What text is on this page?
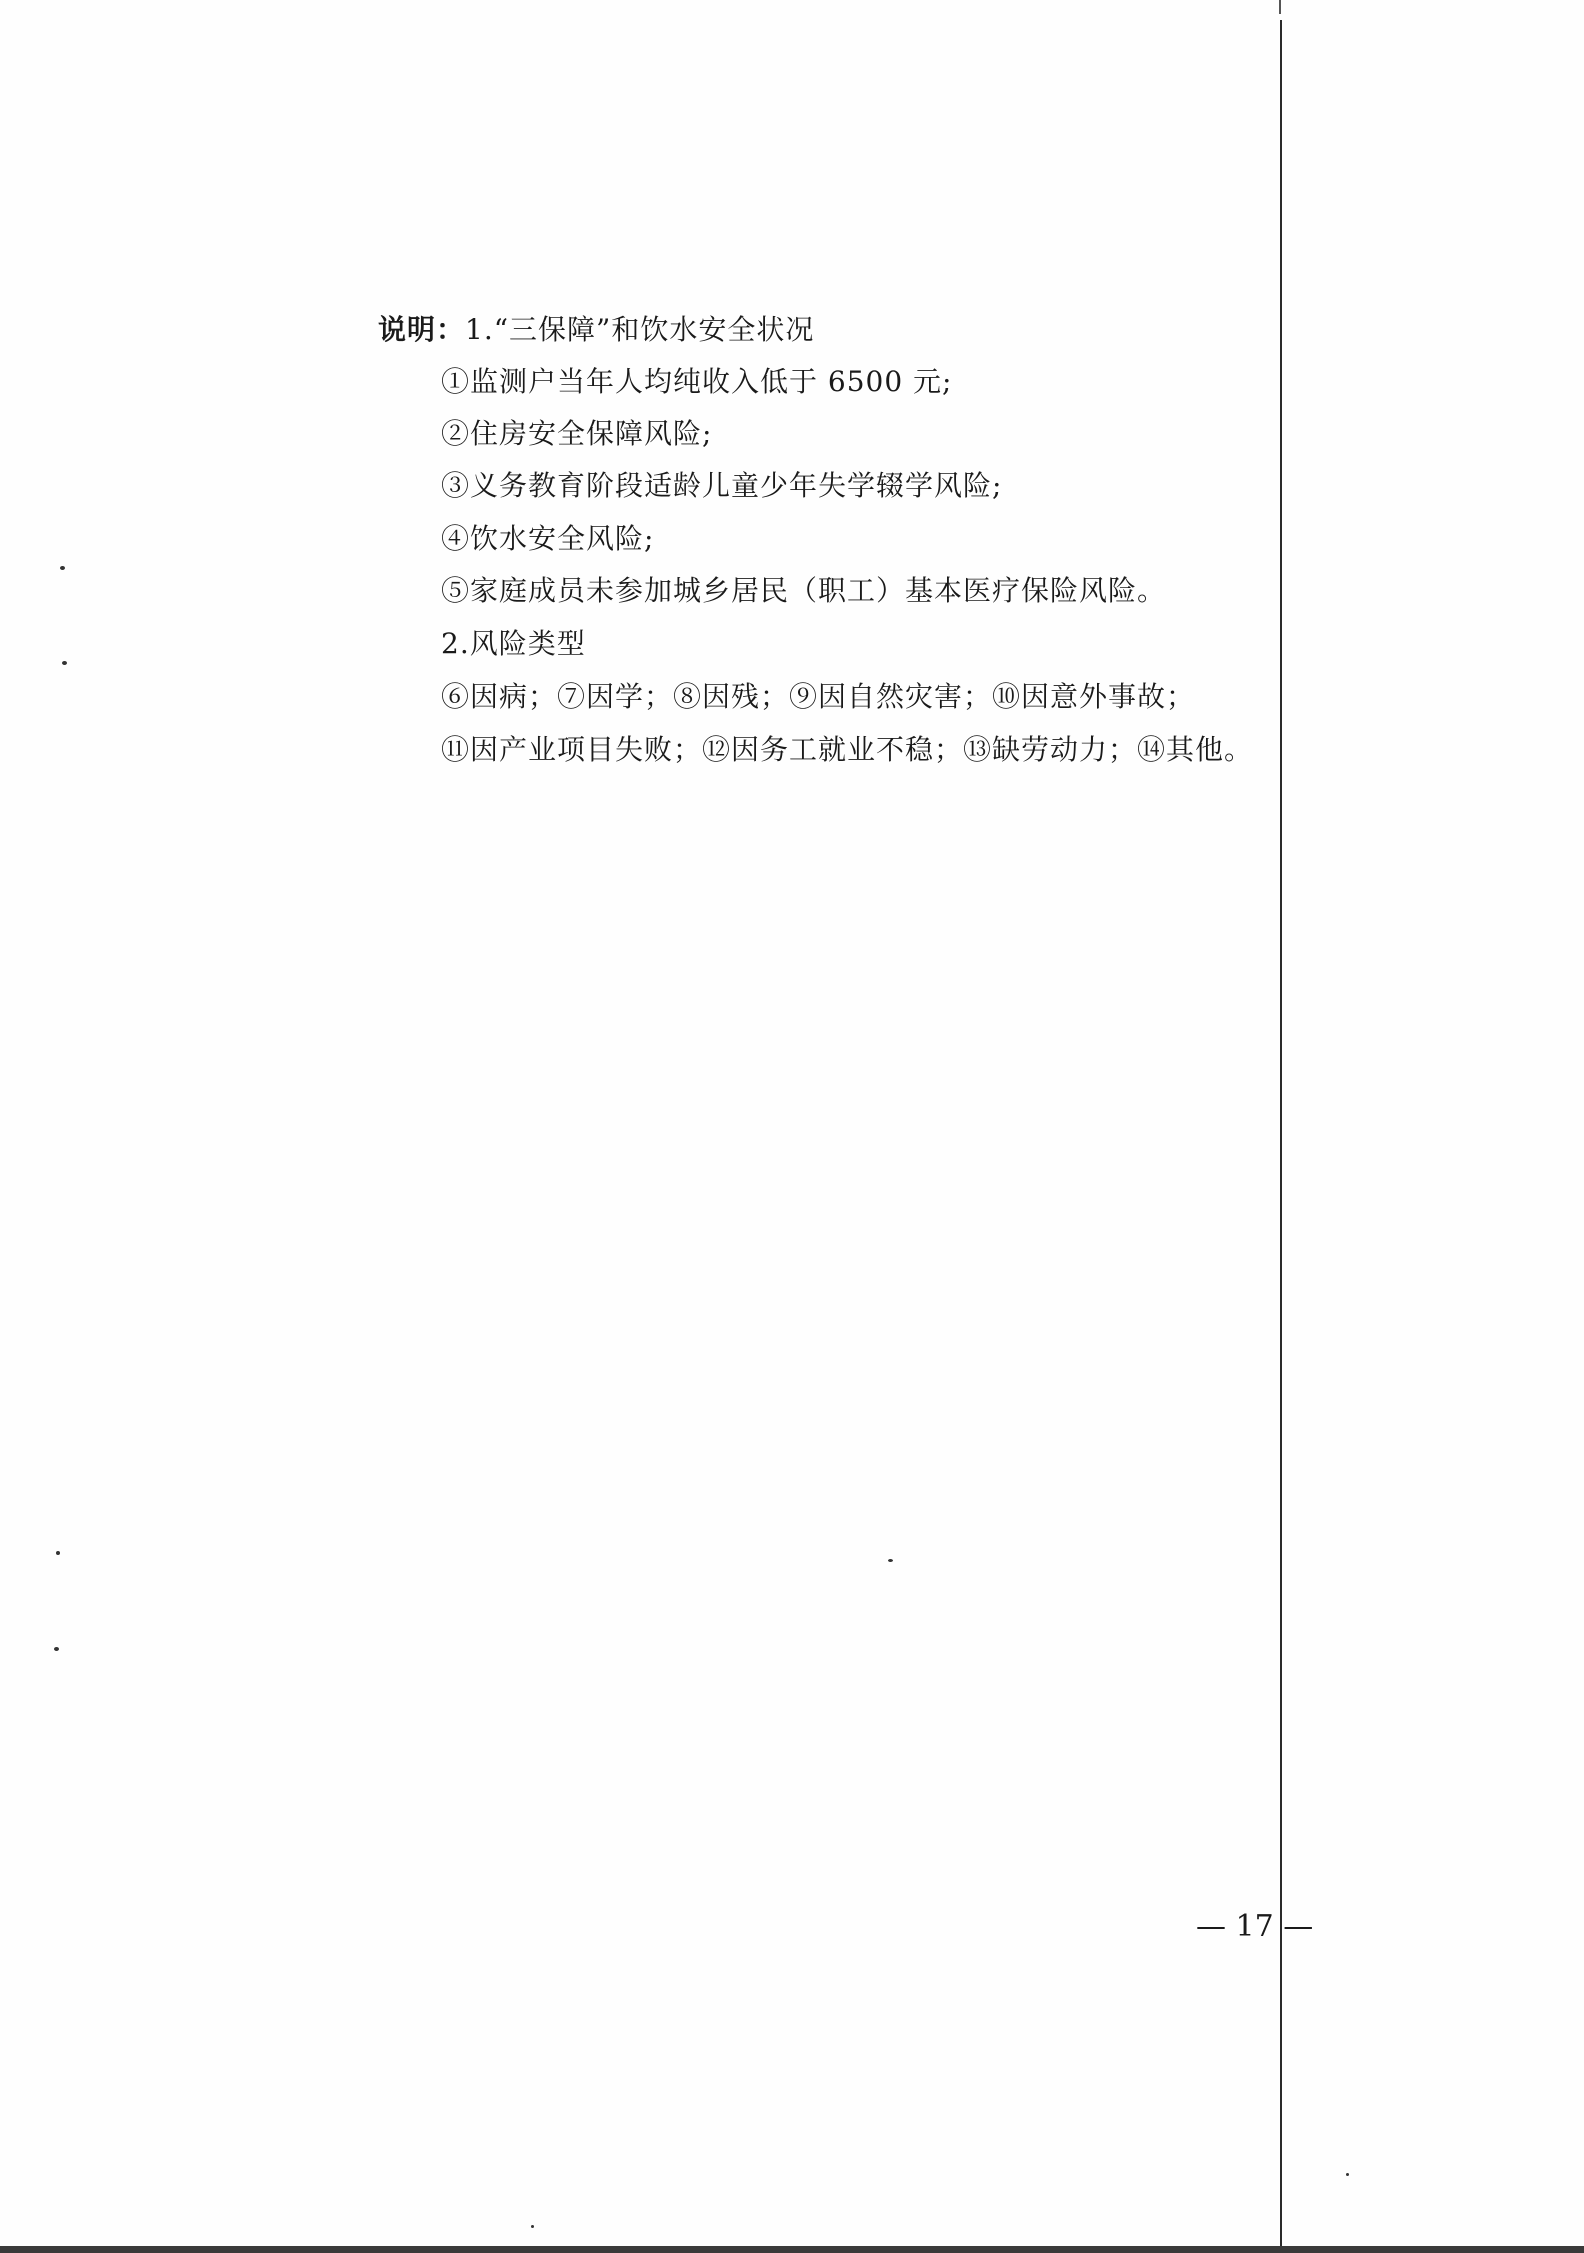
说明：1.“三保障”和饮水安全状况
①监测户当年人均纯收入低于 6500 元;
②住房安全保障风险;
③义务教育阶段适龄儿童少年失学辍学风险;
④饮水安全风险;
⑤家庭成员未参加城乡居民（职工）基本医疗保险风险。
2.风险类型
⑥因病；⑦因学；⑧因残；⑨因自然灾害；⑩因意外事故；
⑪因产业项目失败；⑫因务工就业不稳；⑬缺劳动力；⑭其他。
— 17 —
